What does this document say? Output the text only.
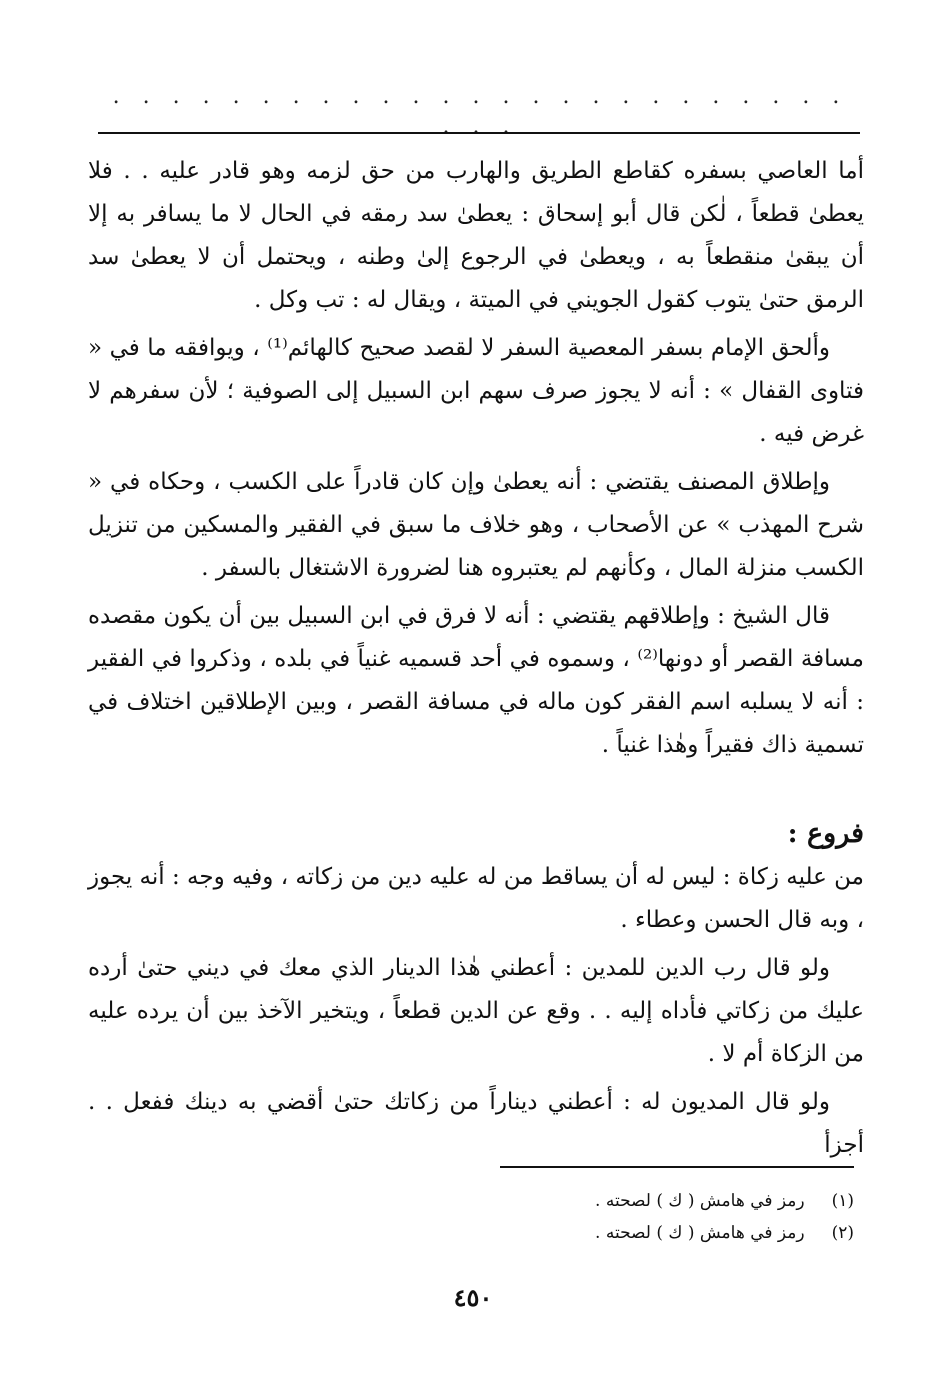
. . . . . . . . . . . . . . . . . . . . . . . . . . . .

أما العاصي بسفره كقاطع الطريق والهارب من حق لزمه وهو قادر عليه . . فلا يعطىٰ قطعاً ، لٰكن قال أبو إسحاق : يعطىٰ سد رمقه في الحال لا ما يسافر به إلا أن يبقىٰ منقطعاً به ، ويعطىٰ في الرجوع إلىٰ وطنه ، ويحتمل أن لا يعطىٰ سد الرمق حتىٰ يتوب كقول الجويني في الميتة ، ويقال له : تب وكل .

وألحق الإمام بسفر المعصية السفر لا لقصد صحيح كالهائم⁽¹⁾ ، ويوافقه ما في « فتاوى القفال » : أنه لا يجوز صرف سهم ابن السبيل إلى الصوفية ؛ لأن سفرهم لا غرض فيه .

وإطلاق المصنف يقتضي : أنه يعطىٰ وإن كان قادراً على الكسب ، وحكاه في « شرح المهذب » عن الأصحاب ، وهو خلاف ما سبق في الفقير والمسكين من تنزيل الكسب منزلة المال ، وكأنهم لم يعتبروه هنا لضرورة الاشتغال بالسفر .

قال الشيخ : وإطلاقهم يقتضي : أنه لا فرق في ابن السبيل بين أن يكون مقصده مسافة القصر أو دونها⁽²⁾ ، وسموه في أحد قسميه غنياً في بلده ، وذكروا في الفقير : أنه لا يسلبه اسم الفقر كون ماله في مسافة القصر ، وبين الإطلاقين اختلاف في تسمية ذاك فقيراً وهٰذا غنياً .

فروع :

من عليه زكاة : ليس له أن يساقط من له عليه دين من زكاته ، وفيه وجه : أنه يجوز ، وبه قال الحسن وعطاء .

ولو قال رب الدين للمدين : أعطني هٰذا الدينار الذي معك في ديني حتىٰ أرده عليك من زكاتي فأداه إليه . . وقع عن الدين قطعاً ، ويتخير الآخذ بين أن يرده عليه من الزكاة أم لا .

ولو قال المديون له : أعطني ديناراً من زكاتك حتىٰ أقضي به دينك ففعل . . أجزأ

(١) رمز في هامش ( ك ) لصحته .
(٢) رمز في هامش ( ك ) لصحته .
٤٥٠
